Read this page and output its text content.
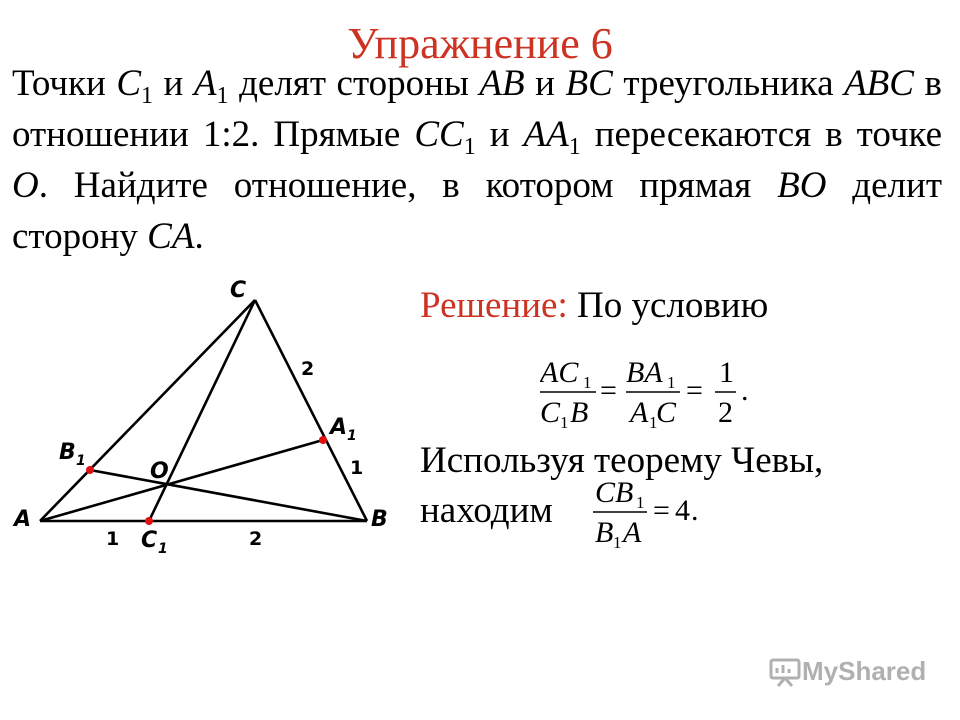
Упражнение 6
Точки $C_1$ и $A_1$ делят стороны AB и BC треугольника ABC в отношении 1:2. Прямые $CC_1$ и $AA_1$ пересекаются в точке O. Найдите отношение, в котором прямая BO делит сторону CA.
C
A	B
O
B 1
A 1
C 1
2
1
1	2
Решение: По условию
AC 1
C 1 B
=
BA 1
A 1
C
=
1
2
.
Используя теорему Чевы,
находим	CB 1
B 1 A
= 4 .
MyShared
